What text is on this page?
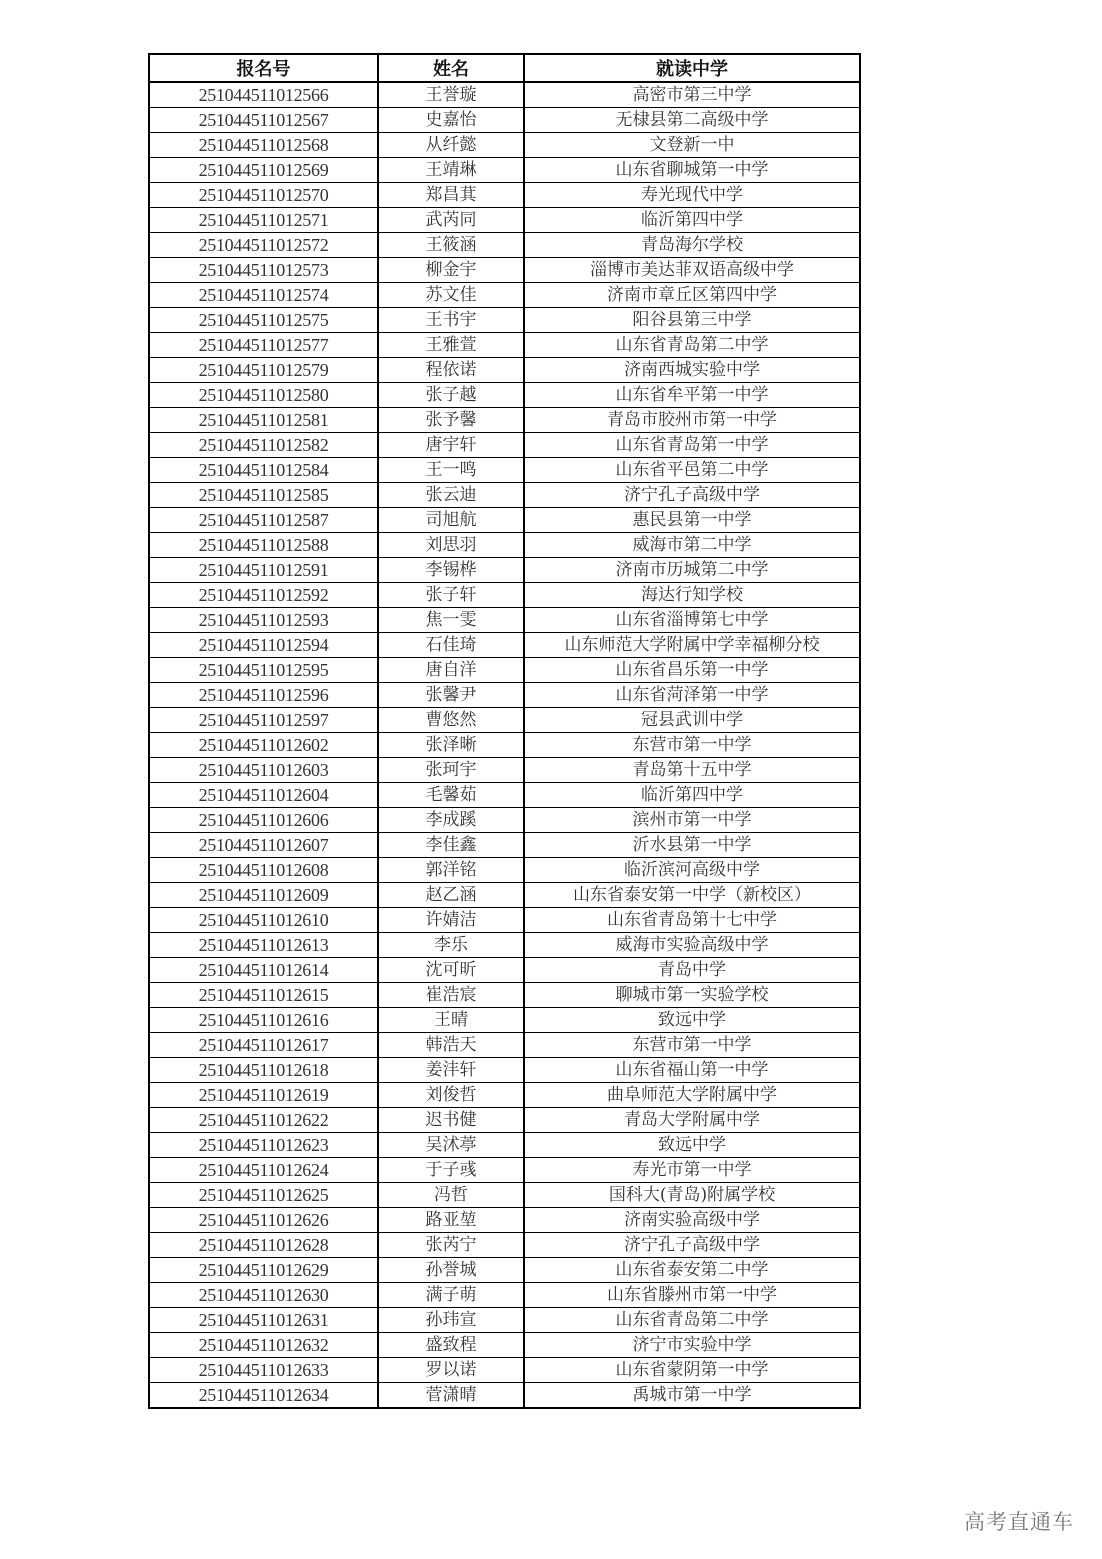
报名号	姓名	就读中学
251044511012566	王誉璇	高密市第三中学
251044511012567	史嘉怡	无棣县第二高级中学
251044511012568	从纤懿	文登新一中
251044511012569	王靖琳	山东省聊城第一中学
251044511012570	郑昌萁	寿光现代中学
251044511012571	武芮同	临沂第四中学
251044511012572	王筱涵	青岛海尔学校
251044511012573	柳金宇	淄博市美达菲双语高级中学
251044511012574	苏文佳	济南市章丘区第四中学
251044511012575	王书宇	阳谷县第三中学
251044511012577	王雅萱	山东省青岛第二中学
251044511012579	程依诺	济南西城实验中学
251044511012580	张子越	山东省牟平第一中学
251044511012581	张予馨	青岛市胶州市第一中学
251044511012582	唐宇轩	山东省青岛第一中学
251044511012584	王一鸣	山东省平邑第二中学
251044511012585	张云迪	济宁孔子高级中学
251044511012587	司旭航	惠民县第一中学
251044511012588	刘思羽	威海市第二中学
251044511012591	李锡桦	济南市历城第二中学
251044511012592	张子轩	海达行知学校
251044511012593	焦一雯	山东省淄博第七中学
251044511012594	石佳琦	山东师范大学附属中学幸福柳分校
251044511012595	唐自洋	山东省昌乐第一中学
251044511012596	张馨尹	山东省菏泽第一中学
251044511012597	曹悠然	冠县武训中学
251044511012602	张泽晰	东营市第一中学
251044511012603	张珂宇	青岛第十五中学
251044511012604	毛馨茹	临沂第四中学
251044511012606	李成蹊	滨州市第一中学
251044511012607	李佳鑫	沂水县第一中学
251044511012608	郭洋铭	临沂滨河高级中学
251044511012609	赵乙涵	山东省泰安第一中学（新校区）
251044511012610	许婧洁	山东省青岛第十七中学
251044511012613	李乐	威海市实验高级中学
251044511012614	沈可昕	青岛中学
251044511012615	崔浩宸	聊城市第一实验学校
251044511012616	王晴	致远中学
251044511012617	韩浩天	东营市第一中学
251044511012618	姜沣轩	山东省福山第一中学
251044511012619	刘俊哲	曲阜师范大学附属中学
251044511012622	迟书健	青岛大学附属中学
251044511012623	吴沭葶	致远中学
251044511012624	于子彧	寿光市第一中学
251044511012625	冯哲	国科大(青岛)附属学校
251044511012626	路亚堃	济南实验高级中学
251044511012628	张芮宁	济宁孔子高级中学
251044511012629	孙誉城	山东省泰安第二中学
251044511012630	满子萌	山东省滕州市第一中学
251044511012631	孙玮宣	山东省青岛第二中学
251044511012632	盛致程	济宁市实验中学
251044511012633	罗以诺	山东省蒙阴第一中学
251044511012634	菅潇晴	禹城市第一中学
高考直通车
